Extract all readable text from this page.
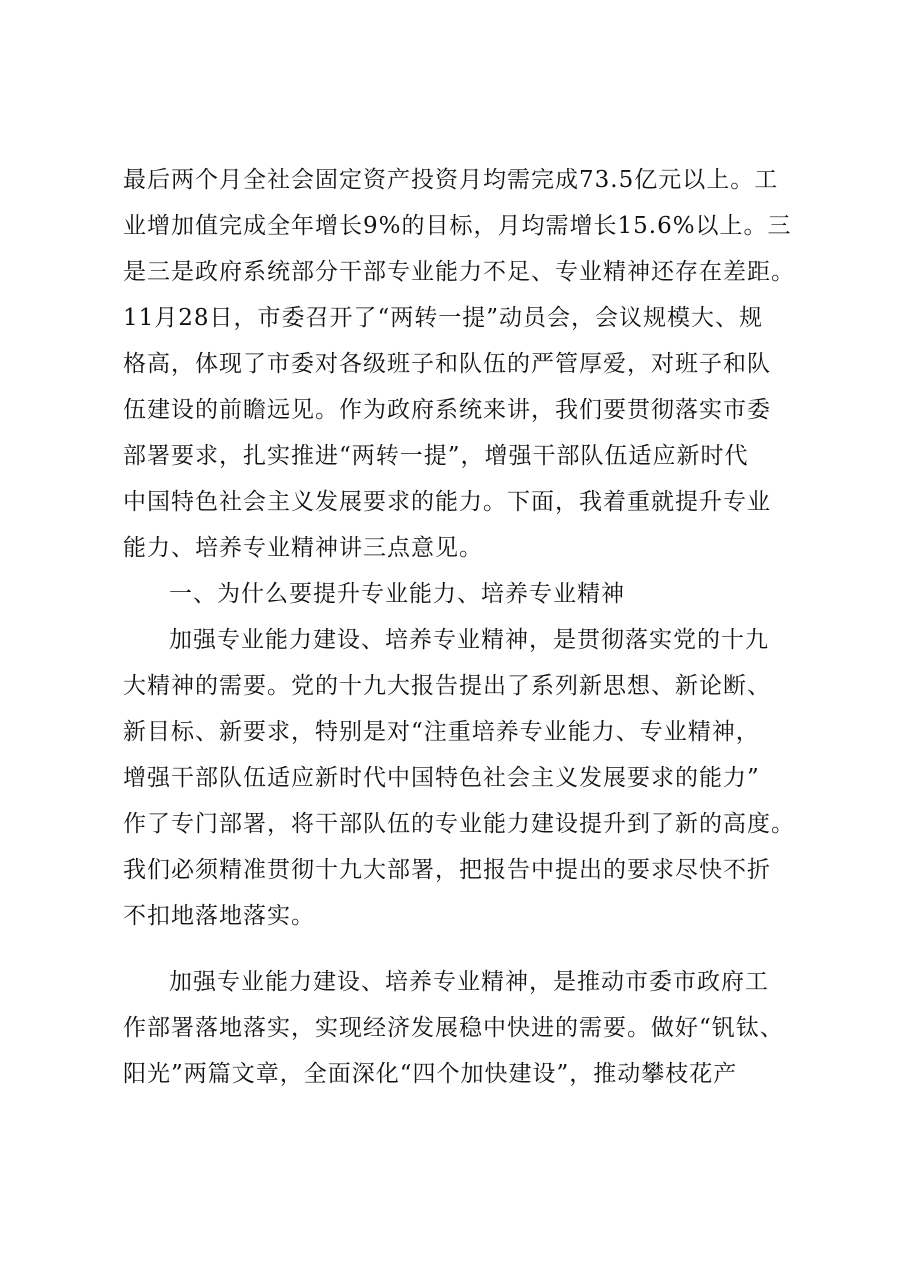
最后两个月全社会固定资产投资月均需完成73.5亿元以上。工
业增加值完成全年增长9%的目标，月均需增长15.6%以上。三
是三是政府系统部分干部专业能力不足、专业精神还存在差距。
11月28日，市委召开了“两转一提”动员会，会议规模大、规
格高，体现了市委对各级班子和队伍的严管厚爱，对班子和队
伍建设的前瞻远见。作为政府系统来讲，我们要贯彻落实市委
部署要求，扎实推进“两转一提”，增强干部队伍适应新时代
中国特色社会主义发展要求的能力。下面，我着重就提升专业
能力、培养专业精神讲三点意见。
一、为什么要提升专业能力、培养专业精神
加强专业能力建设、培养专业精神，是贯彻落实党的十九
大精神的需要。党的十九大报告提出了系列新思想、新论断、
新目标、新要求，特别是对“注重培养专业能力、专业精神，
增强干部队伍适应新时代中国特色社会主义发展要求的能力”
作了专门部署，将干部队伍的专业能力建设提升到了新的高度。
我们必须精准贯彻十九大部署，把报告中提出的要求尽快不折
不扣地落地落实。
加强专业能力建设、培养专业精神，是推动市委市政府工
作部署落地落实，实现经济发展稳中快进的需要。做好“钒钛、
阳光”两篇文章，全面深化“四个加快建设”，推动攀枝花产
